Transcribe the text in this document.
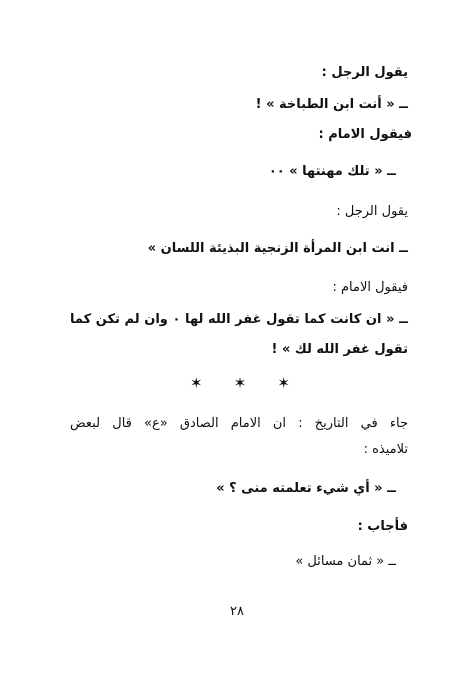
يقول الرجل :
ــ « أنت ابن الطباخة » !
فيقول الامام :
ــ « تلك مهنتها » ٠٠
يقول الرجل :
ــ انت ابن المرأة الزنجية البذيئة اللسان »
فيقول الامام :
ــ « ان كانت كما تقول غفر الله لها ٠ وان لم تكن كما
تقول غفر الله لك » !
✶ ✶ ✶
جاء في التاريخ : ان الامام الصادق «ع» قال لبعض
تلاميذه :
ــ « أي شيء تعلمته منى ؟ »
فأجاب :
ــ « ثمان مسائل »
٢٨
